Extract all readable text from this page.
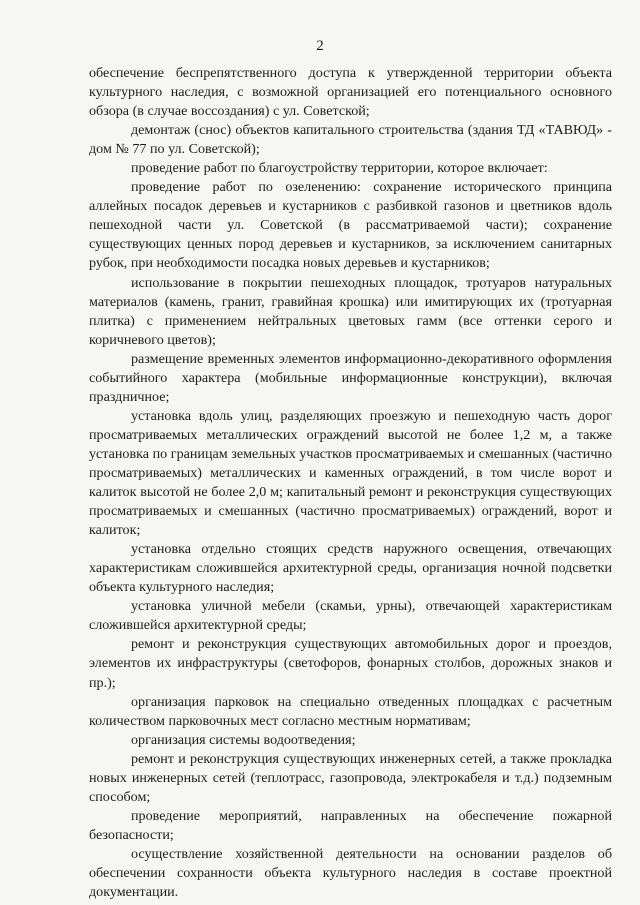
2

обеспечение беспрепятственного доступа к утвержденной территории объекта культурного наследия, с возможной организацией его потенциального основного обзора (в случае воссоздания) с ул. Советской;

демонтаж (снос) объектов капитального строительства (здания ТД «ТАВЮД» - дом № 77 по ул. Советской);

проведение работ по благоустройству территории, которое включает:

проведение работ по озеленению: сохранение исторического принципа аллейных посадок деревьев и кустарников с разбивкой газонов и цветников вдоль пешеходной части ул. Советской (в рассматриваемой части); сохранение существующих ценных пород деревьев и кустарников, за исключением санитарных рубок, при необходимости посадка новых деревьев и кустарников;

использование в покрытии пешеходных площадок, тротуаров натуральных материалов (камень, гранит, гравийная крошка) или имитирующих их (тротуарная плитка) с применением нейтральных цветовых гамм (все оттенки серого и коричневого цветов);

размещение временных элементов информационно-декоративного оформления событийного характера (мобильные информационные конструкции), включая праздничное;

установка вдоль улиц, разделяющих проезжую и пешеходную часть дорог просматриваемых металлических ограждений высотой не более 1,2 м, а также установка по границам земельных участков просматриваемых и смешанных (частично просматриваемых) металлических и каменных ограждений, в том числе ворот и калиток высотой не более 2,0 м; капитальный ремонт и реконструкция существующих просматриваемых и смешанных (частично просматриваемых) ограждений, ворот и калиток;

установка отдельно стоящих средств наружного освещения, отвечающих характеристикам сложившейся архитектурной среды, организация ночной подсветки объекта культурного наследия;

установка уличной мебели (скамьи, урны), отвечающей характеристикам сложившейся архитектурной среды;

ремонт и реконструкция существующих автомобильных дорог и проездов, элементов их инфраструктуры (светофоров, фонарных столбов, дорожных знаков и пр.);

организация парковок на специально отведенных площадках с расчетным количеством парковочных мест согласно местным нормативам;

организация системы водоотведения;

ремонт и реконструкция существующих инженерных сетей, а также прокладка новых инженерных сетей (теплотрасс, газопровода, электрокабеля и т.д.) подземным способом;

проведение мероприятий, направленных на обеспечение пожарной безопасности;

осуществление хозяйственной деятельности на основании разделов об обеспечении сохранности объекта культурного наследия в составе проектной документации.
